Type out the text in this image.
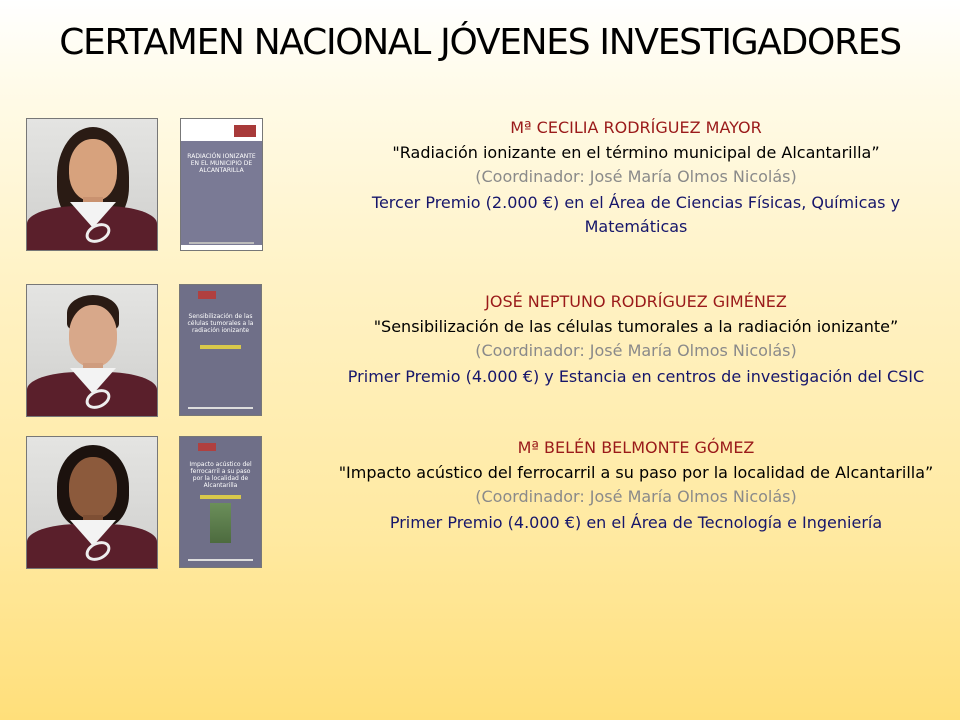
CERTAMEN NACIONAL JÓVENES INVESTIGADORES
RADIACIÓN IONIZANTE EN EL MUNICIPIO DE ALCANTARILLA
Mª CECILIA RODRÍGUEZ MAYOR
"Radiación ionizante en el término municipal de Alcantarilla”
(Coordinador: José María Olmos Nicolás)
Tercer Premio (2.000 €) en el Área de Ciencias Físicas, Químicas y
Matemáticas
Sensibilización de las células tumorales a la radiación ionizante
JOSÉ NEPTUNO RODRÍGUEZ GIMÉNEZ
"Sensibilización de las células tumorales a la radiación ionizante”
(Coordinador: José María Olmos Nicolás)
Primer Premio (4.000 €) y Estancia en centros de investigación del CSIC
Impacto acústico del ferrocarril a su paso por la localidad de Alcantarilla
Mª BELÉN BELMONTE GÓMEZ
"Impacto acústico del ferrocarril a su paso por la localidad de Alcantarilla”
(Coordinador: José María Olmos Nicolás)
Primer Premio (4.000 €) en el Área de Tecnología e Ingeniería
